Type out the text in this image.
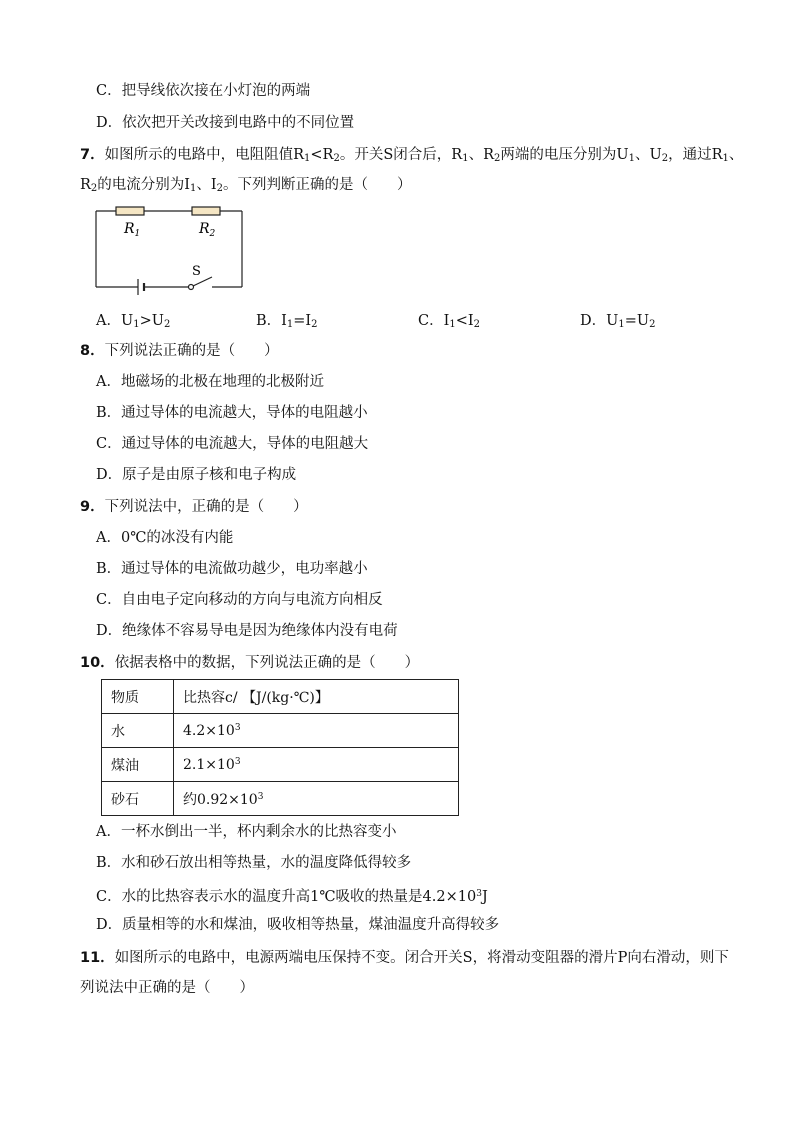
C．把导线依次接在小灯泡的两端
D．依次把开关改接到电路中的不同位置
7．如图所示的电路中，电阻阻值$R_1<R_2$。开关S闭合后，$R_1$、$R_2$两端的电压分别为$U_1$、$U_2$，通过$R_1$、
$R_2$的电流分别为$I_1$、$I_2$。下列判断正确的是（　　）
$R_1$	$R_2$
S
A．$U_1>U_2$	B．$I_1=I_2$	C．$I_1<I_2$	D．$U_1=U_2$
8．下列说法正确的是（　　）
A．地磁场的北极在地理的北极附近
B．通过导体的电流越大，导体的电阻越小
C．通过导体的电流越大，导体的电阻越大
D．原子是由原子核和电子构成
9．下列说法中，正确的是（　　）
A．0℃的冰没有内能
B．通过导体的电流做功越少，电功率越小
C．自由电子定向移动的方向与电流方向相反
D．绝缘体不容易导电是因为绝缘体内没有电荷
10．依据表格中的数据，下列说法正确的是（　　）
物质	比热容c/ 【J/(kg·℃)】
水	$4.2\times 10^3$
煤油	$2.1\times 10^3$
砂石	约$0.92\times 10^3$
A．一杯水倒出一半，杯内剩余水的比热容变小
B．水和砂石放出相等热量，水的温度降低得较多
C．水的比热容表示水的温度升高1℃吸收的热量是$4.2\times 10^3J$
D．质量相等的水和煤油，吸收相等热量，煤油温度升高得较多
11．如图所示的电路中，电源两端电压保持不变。闭合开关S，将滑动变阻器的滑片P向右滑动，则下
列说法中正确的是（　　）
